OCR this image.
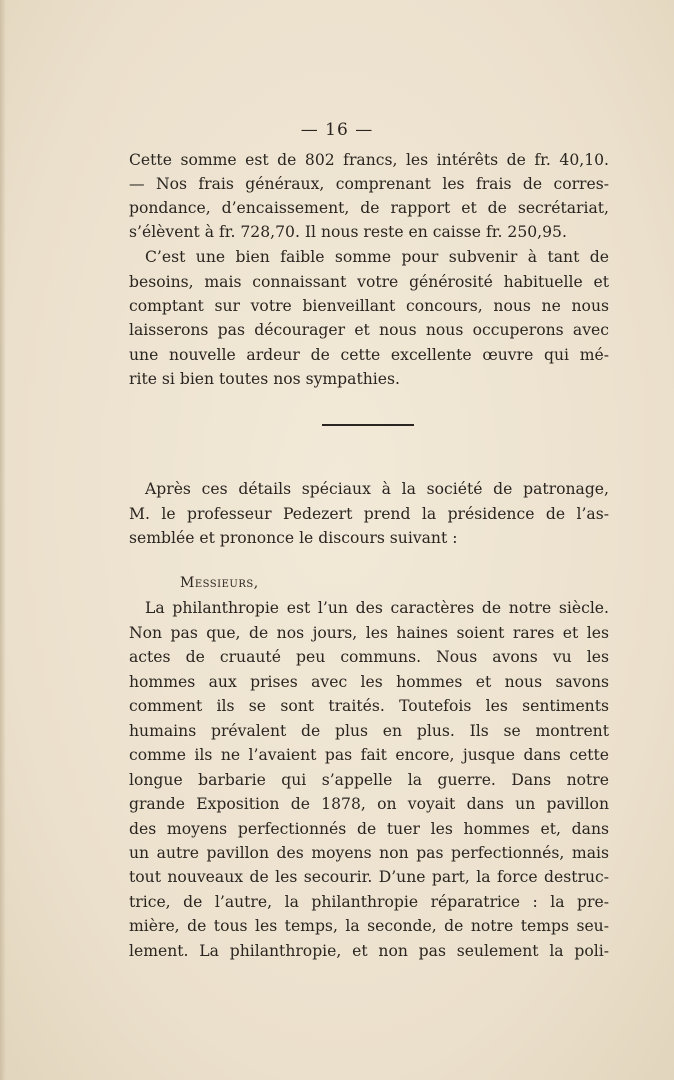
— 16 —
Cette somme est de 802 francs, les intérêts de fr. 40,10.
— Nos frais généraux, comprenant les frais de corres-
pondance, d’encaissement, de rapport et de secrétariat,
s’élèvent à fr. 728,70. Il nous reste en caisse fr. 250,95.
C’est une bien faible somme pour subvenir à tant de
besoins, mais connaissant votre générosité habituelle et
comptant sur votre bienveillant concours, nous ne nous
laisserons pas décourager et nous nous occuperons avec
une nouvelle ardeur de cette excellente œuvre qui mé-
rite si bien toutes nos sympathies.
Après ces détails spéciaux à la société de patronage,
M. le professeur Pedezert prend la présidence de l’as-
semblée et prononce le discours suivant :
Messieurs,
La philanthropie est l’un des caractères de notre siècle.
Non pas que, de nos jours, les haines soient rares et les
actes de cruauté peu communs. Nous avons vu les
hommes aux prises avec les hommes et nous savons
comment ils se sont traités. Toutefois les sentiments
humains prévalent de plus en plus. Ils se montrent
comme ils ne l’avaient pas fait encore, jusque dans cette
longue barbarie qui s’appelle la guerre. Dans notre
grande Exposition de 1878, on voyait dans un pavillon
des moyens perfectionnés de tuer les hommes et, dans
un autre pavillon des moyens non pas perfectionnés, mais
tout nouveaux de les secourir. D’une part, la force destruc-
trice, de l’autre, la philanthropie réparatrice : la pre-
mière, de tous les temps, la seconde, de notre temps seu-
lement. La philanthropie, et non pas seulement la poli-
